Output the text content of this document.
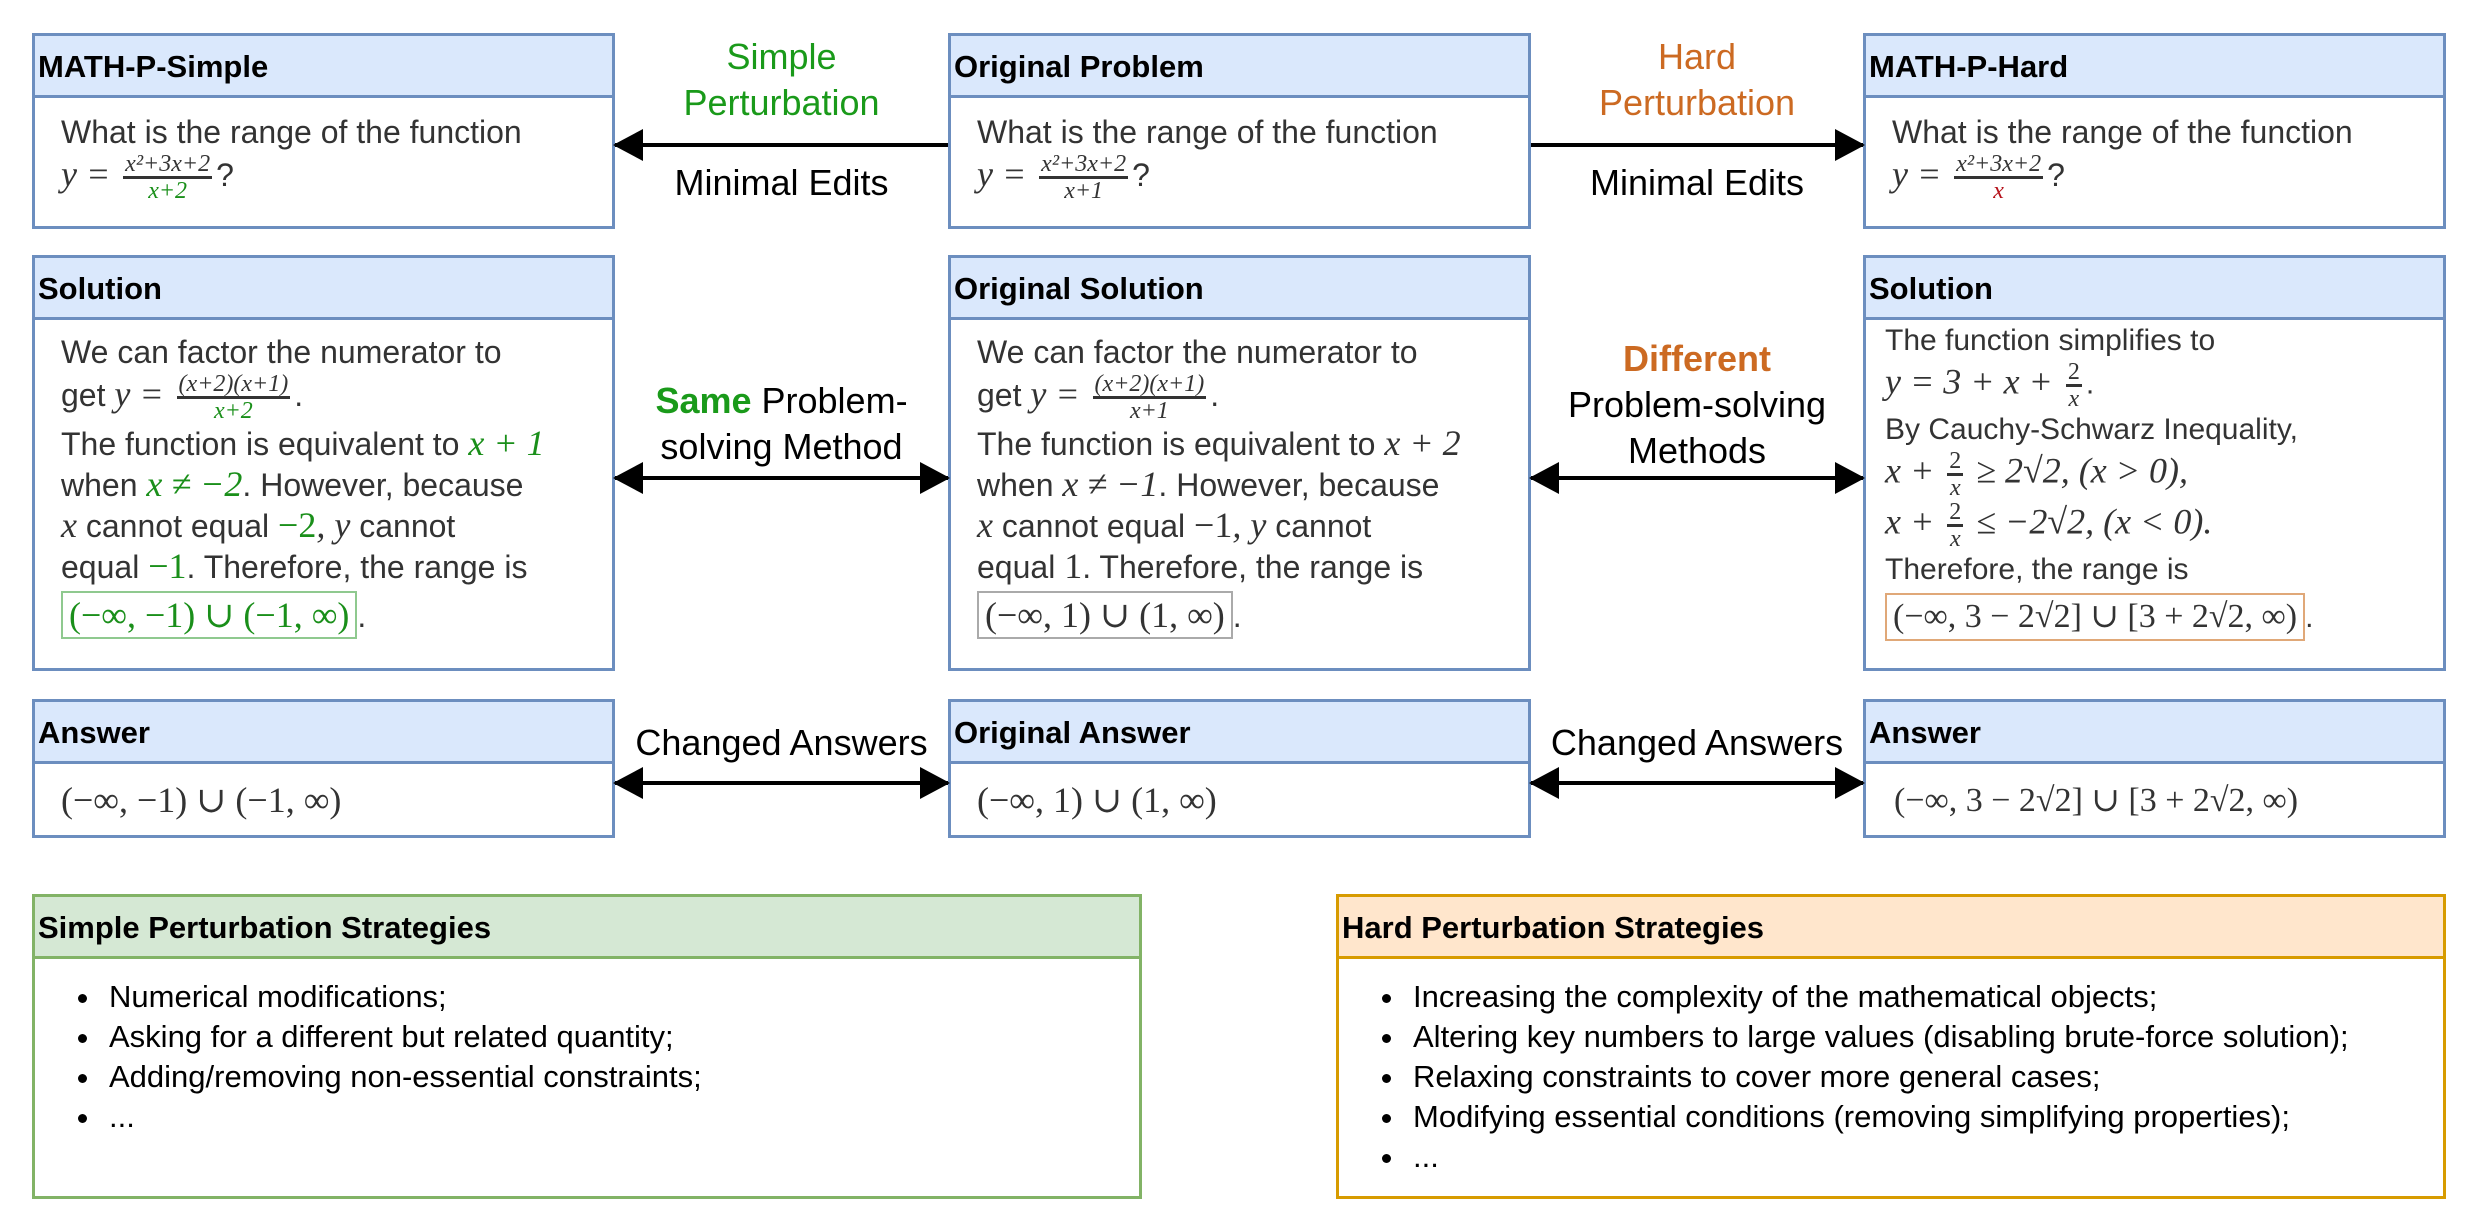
MATH-P-Simple
What is the range of the function
$y = \frac{\text{x²+3x+2}}{x+2}$ ?
Original Problem
What is the range of the function
$y = \frac{\text{x²+3x+2}}{x+1}$ ?
MATH-P-Hard
What is the range of the function
$y = \frac{\text{x²+3x+2}}{x}$ ?
Simple
Perturbation
Minimal Edits
Hard
Perturbation
Minimal Edits
Solution
We can factor the numerator to
get $y = \frac{(x+2)(x+1)}{x+2}$ .
The function is equivalent to x + 1
when x ≠ −2. However, because
x cannot equal −2, y cannot
equal −1. Therefore, the range is
(−∞, −1) ∪ (−1, ∞) .
Original Solution
We can factor the numerator to
get $y = \frac{(x+2)(x+1)}{x+1}$ .
The function is equivalent to x + 2
when x ≠ −1. However, because
x cannot equal −1, y cannot
equal 1. Therefore, the range is
(−∞, 1) ∪ (1, ∞) .
Solution
The function simplifies to
$y = 3 + x + \frac{2}{x}$ .
By Cauchy-Schwarz Inequality,
$x + \frac{2}{x} \ge 2√2$, (x > 0),
$x + \frac{2}{x} \le -2√2$, (x < 0).
Therefore, the range is
(−∞, 3 − 2√2] ∪ [3 + 2√2, ∞) .
Same Problem-
solving Method
Different
Problem-solving
Methods
Answer
(−∞, −1) ∪ (−1, ∞)
Original Answer
(−∞, 1) ∪ (1, ∞)
Answer
(−∞, 3 − 2√2] ∪ [3 + 2√2, ∞)
Changed Answers	Changed Answers
Simple Perturbation Strategies
• Numerical modifications;
• Asking for a different but related quantity;
• Adding/removing non-essential constraints;
• ...
Hard Perturbation Strategies
• Increasing the complexity of the mathematical objects;
• Altering key numbers to large values (disabling brute-force solution);
• Relaxing constraints to cover more general cases;
• Modifying essential conditions (removing simplifying properties);
• ...
